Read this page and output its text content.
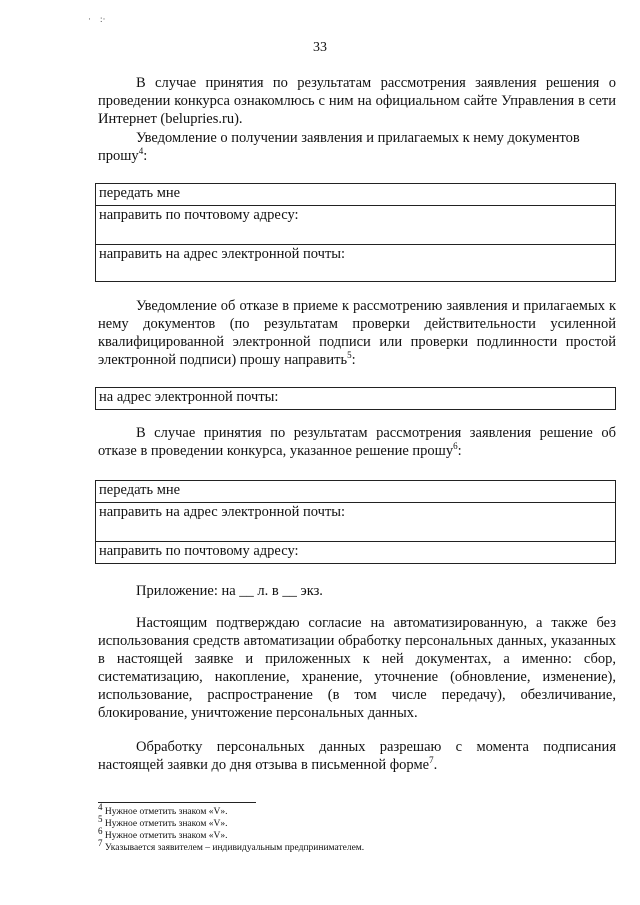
·    :·
33

В случае принятия по результатам рассмотрения заявления решения о проведении конкурса ознакомлюсь с ним на официальном сайте Управления в сети Интернет (belupries.ru).

Уведомление о получении заявления и прилагаемых к нему документов прошу$^4$:

передать мне
направить по почтовому адресу:
направить на адрес электронной почты:

Уведомление об отказе в приеме к рассмотрению заявления и прилагаемых к нему документов (по результатам проверки действительности усиленной квалифицированной электронной подписи или проверки подлинности простой электронной подписи) прошу направить$^5$:

на адрес электронной почты:

В случае принятия по результатам рассмотрения заявления решение об отказе в проведении конкурса, указанное решение прошу$^6$:

передать мне
направить на адрес электронной почты:
направить по почтовому адресу:

Приложение: на __ л. в __ экз.

Настоящим подтверждаю согласие на автоматизированную, а также без использования средств автоматизации обработку персональных данных, указанных в настоящей заявке и приложенных к ней документах, а именно: сбор, систематизацию, накопление, хранение, уточнение (обновление, изменение), использование, распространение (в том числе передачу), обезличивание, блокирование, уничтожение персональных данных.

Обработку персональных данных разрешаю с момента подписания настоящей заявки до дня отзыва в письменной форме$^7$.

$^4$ Нужное отметить знаком «V».
$^5$ Нужное отметить знаком «V».
$^6$ Нужное отметить знаком «V».
$^7$ Указывается заявителем – индивидуальным предпринимателем.
